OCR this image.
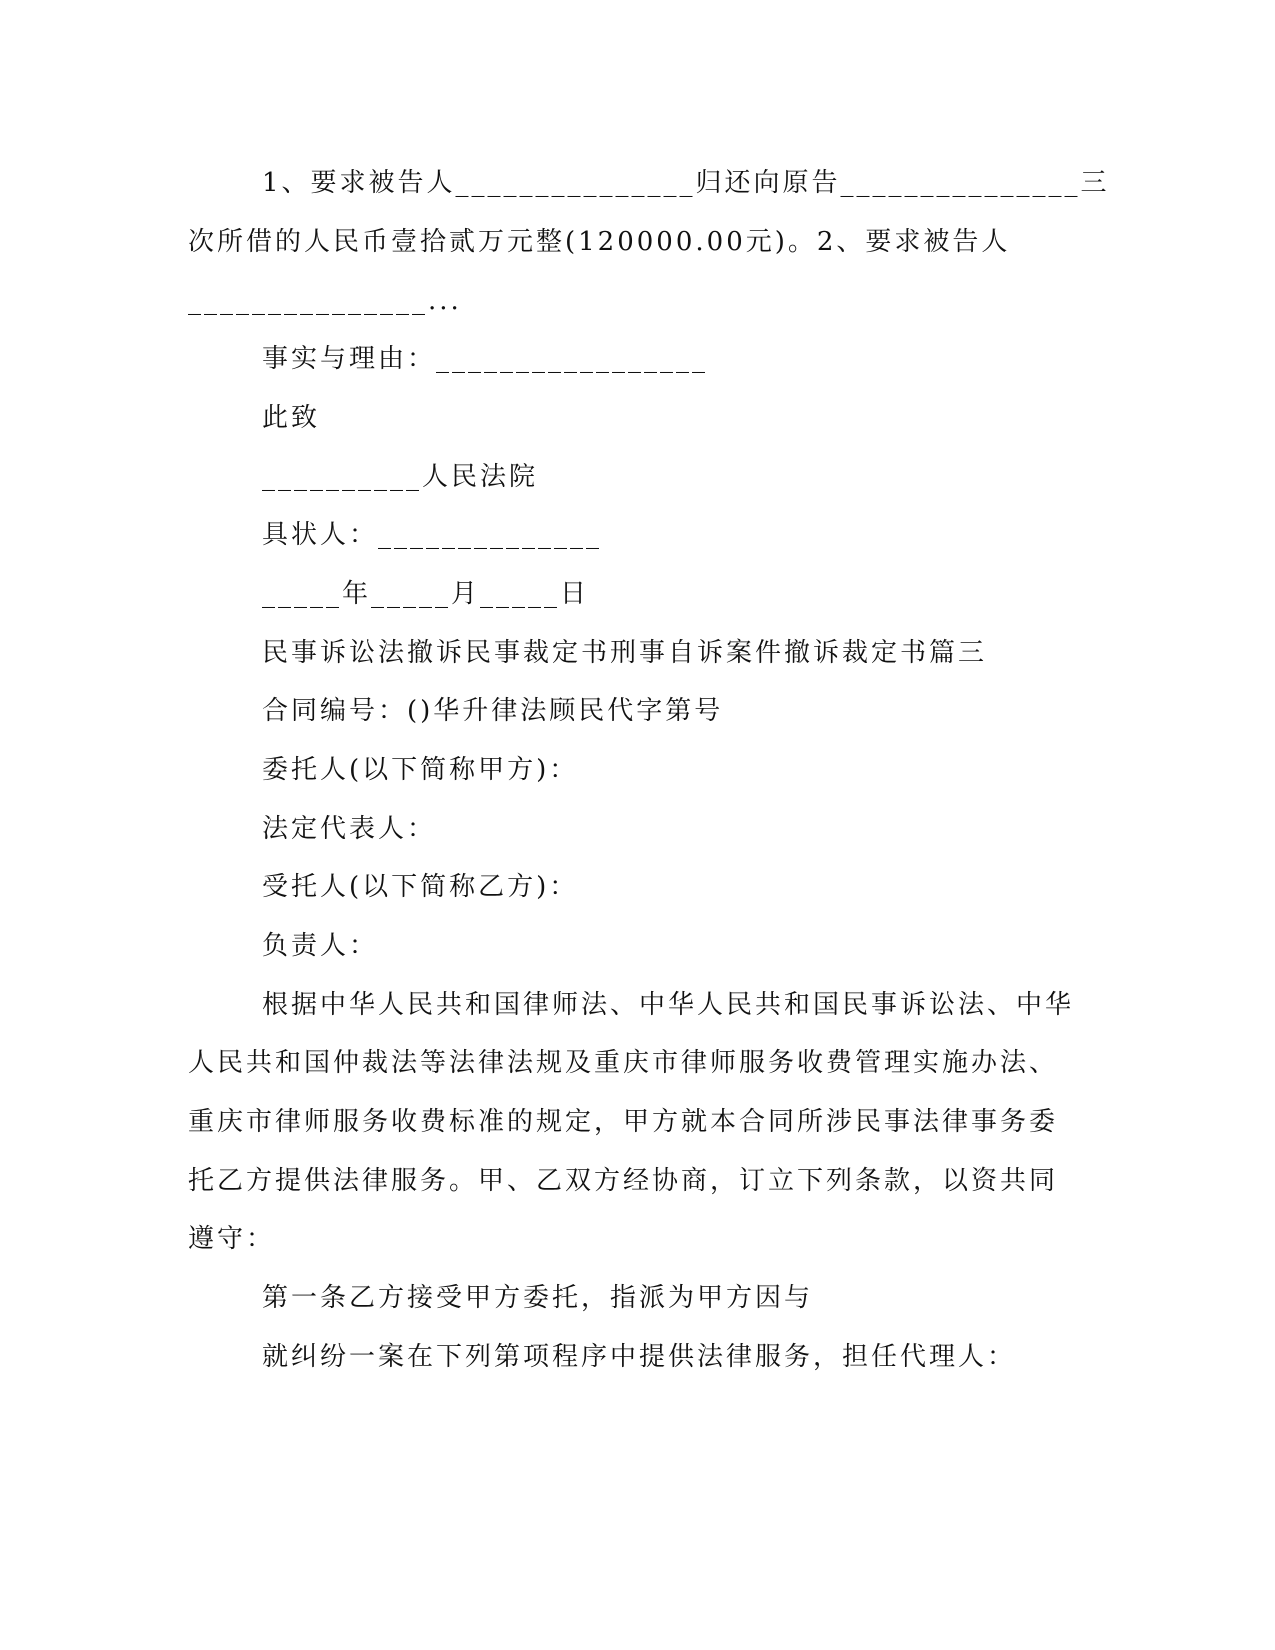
1、要求被告人_______________归还向原告_______________三
次所借的人民币壹拾贰万元整(120000.00元)。2、要求被告人
_______________...
事实与理由：_________________
此致
__________人民法院
具状人：______________
_____年_____月_____日
民事诉讼法撤诉民事裁定书刑事自诉案件撤诉裁定书篇三
合同编号：()华升律法顾民代字第号
委托人(以下简称甲方)：
法定代表人：
受托人(以下简称乙方)：
负责人：
根据中华人民共和国律师法、中华人民共和国民事诉讼法、中华
人民共和国仲裁法等法律法规及重庆市律师服务收费管理实施办法、
重庆市律师服务收费标准的规定，甲方就本合同所涉民事法律事务委
托乙方提供法律服务。甲、乙双方经协商，订立下列条款，以资共同
遵守：
第一条乙方接受甲方委托，指派为甲方因与
就纠纷一案在下列第项程序中提供法律服务，担任代理人：
